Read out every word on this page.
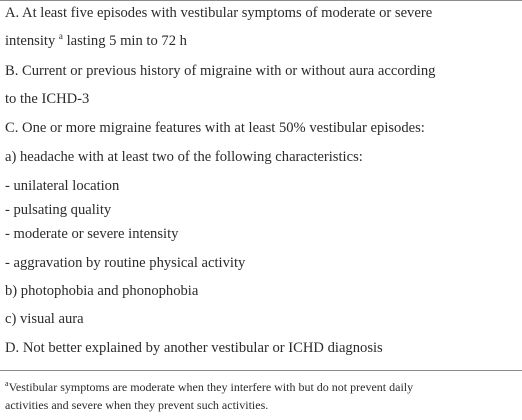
A. At least five episodes with vestibular symptoms of moderate or severe
intensity $^a$ lasting 5 min to 72 h
B. Current or previous history of migraine with or without aura according
to the ICHD-3
C. One or more migraine features with at least 50% vestibular episodes:
a) headache with at least two of the following characteristics:
- unilateral location
- pulsating quality
- moderate or severe intensity
- aggravation by routine physical activity
b) photophobia and phonophobia
c) visual aura
D. Not better explained by another vestibular or ICHD diagnosis
$^a$Vestibular symptoms are moderate when they interfere with but do not prevent daily
activities and severe when they prevent such activities.
